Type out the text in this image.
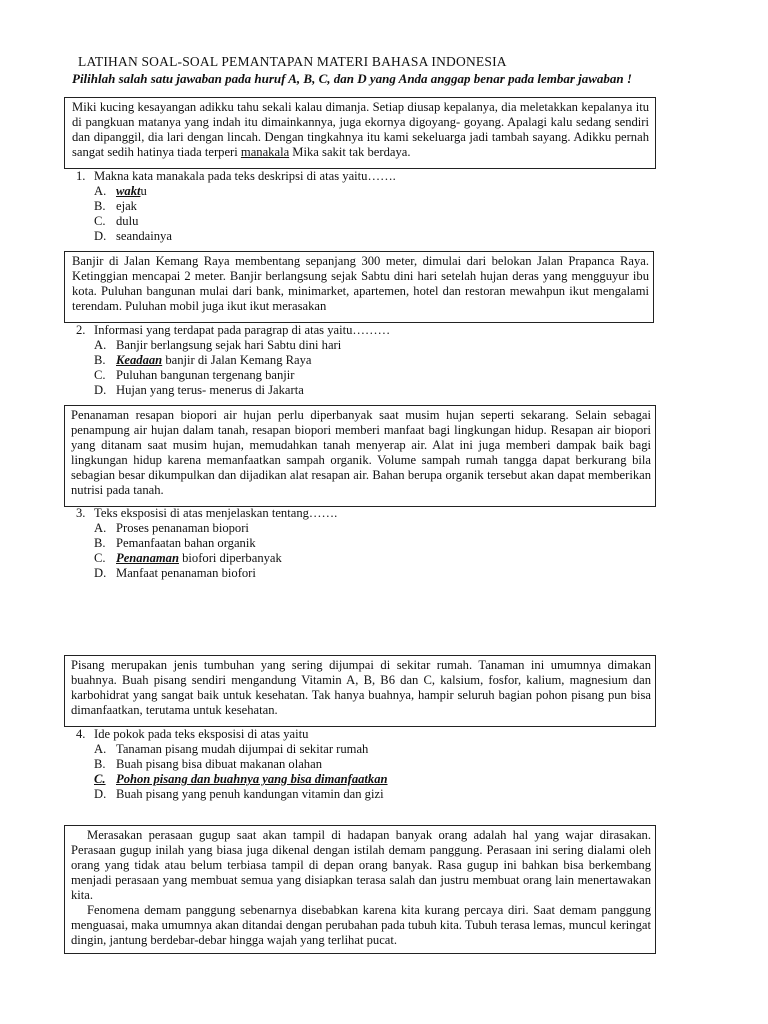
LATIHAN SOAL-SOAL PEMANTAPAN MATERI BAHASA INDONESIA

Pilihlah salah satu jawaban pada huruf A, B, C, dan D yang Anda anggap benar pada lembar jawaban !

Miki kucing kesayangan adikku tahu sekali kalau dimanja. Setiap diusap kepalanya, dia meletakkan kepalanya itu di pangkuan matanya yang indah itu dimainkannya, juga ekornya digoyang- goyang. Apalagi kalu sedang sendiri dan dipanggil, dia lari dengan lincah. Dengan tingkahnya itu kami sekeluarga jadi tambah sayang. Adikku pernah sangat sedih hatinya tiada terperi manakala Mika sakit tak berdaya.

1. Makna kata manakala pada teks deskripsi di atas yaitu…….
A. waktu
B. ejak
C. dulu
D. seandainya

Banjir di Jalan Kemang Raya membentang sepanjang 300 meter, dimulai dari belokan Jalan Prapanca Raya. Ketinggian mencapai 2 meter. Banjir berlangsung sejak Sabtu dini hari setelah hujan deras yang mengguyur ibu kota. Puluhan bangunan mulai dari bank, minimarket, apartemen, hotel dan restoran mewahpun ikut mengalami terendam. Puluhan mobil juga ikut ikut merasakan

2. Informasi yang terdapat pada paragrap di atas yaitu………
A. Banjir berlangsung sejak hari Sabtu dini hari
B. Keadaan banjir di Jalan Kemang Raya
C. Puluhan bangunan tergenang banjir
D. Hujan yang terus- menerus di Jakarta

Penanaman resapan biopori air hujan perlu diperbanyak saat musim hujan seperti sekarang. Selain sebagai penampung air hujan dalam tanah, resapan biopori memberi manfaat bagi lingkungan hidup. Resapan air biopori yang ditanam saat musim hujan, memudahkan tanah menyerap air. Alat ini juga memberi dampak baik bagi lingkungan hidup karena memanfaatkan sampah organik. Volume sampah rumah tangga dapat berkurang bila sebagian besar dikumpulkan dan dijadikan alat resapan air. Bahan berupa organik tersebut akan dapat memberikan nutrisi pada tanah.

3. Teks eksposisi di atas menjelaskan tentang…….
A. Proses penanaman biopori
B. Pemanfaatan bahan organik
C. Penanaman biofori diperbanyak
D. Manfaat penanaman biofori

Pisang merupakan jenis tumbuhan yang sering dijumpai di sekitar rumah. Tanaman ini umumnya dimakan buahnya. Buah pisang sendiri mengandung Vitamin A, B, B6 dan C, kalsium, fosfor, kalium, magnesium dan karbohidrat yang sangat baik untuk kesehatan. Tak hanya buahnya, hampir seluruh bagian pohon pisang pun bisa dimanfaatkan, terutama untuk kesehatan.

4. Ide pokok pada teks eksposisi di atas yaitu
A. Tanaman pisang mudah dijumpai di sekitar rumah
B. Buah pisang bisa dibuat makanan olahan
C. Pohon pisang dan buahnya yang bisa dimanfaatkan
D. Buah pisang yang penuh kandungan vitamin dan gizi

Merasakan perasaan gugup saat akan tampil di hadapan banyak orang adalah hal yang wajar dirasakan. Perasaan gugup inilah yang biasa juga dikenal dengan istilah demam panggung. Perasaan ini sering dialami oleh orang yang tidak atau belum terbiasa tampil di depan orang banyak. Rasa gugup ini bahkan bisa berkembang menjadi perasaan yang membuat semua yang disiapkan terasa salah dan justru membuat orang lain menertawakan kita.

Fenomena demam panggung sebenarnya disebabkan karena kita kurang percaya diri. Saat demam panggung menguasai, maka umumnya akan ditandai dengan perubahan pada tubuh kita. Tubuh terasa lemas, muncul keringat dingin, jantung berdebar-debar hingga wajah yang terlihat pucat.
